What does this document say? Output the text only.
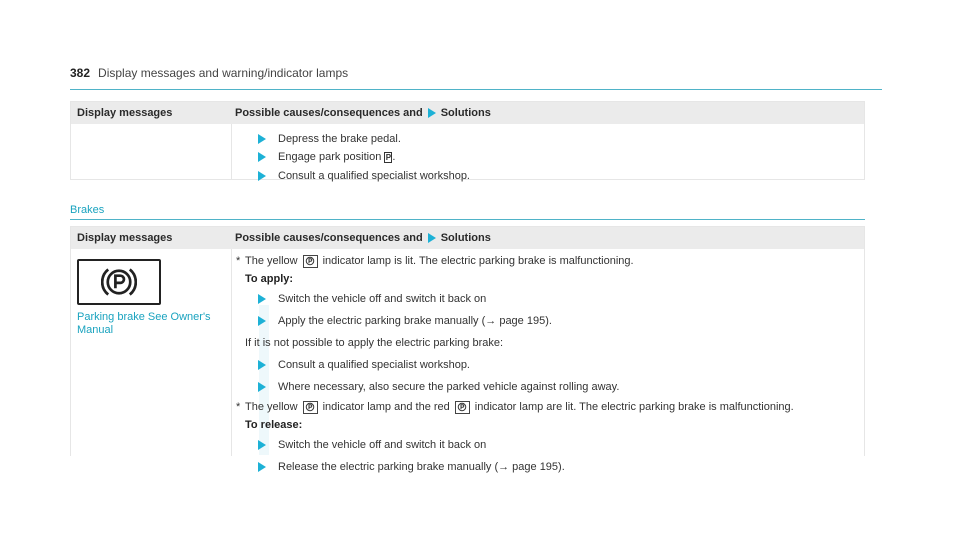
382 Display messages and warning/indicator lamps
Display messages	Possible causes/consequences and Solutions
Depress the brake pedal.
Engage park position P.
Consult a qualified specialist workshop.
Brakes
Display messages	Possible causes/consequences and Solutions
Parking brake See Owner's
Manual
* The yellow indicator lamp is lit. The electric parking brake is malfunctioning.
To apply:
Switch the vehicle off and switch it back on
Apply the electric parking brake manually (→ page 195).
If it is not possible to apply the electric parking brake:
Consult a qualified specialist workshop.
Where necessary, also secure the parked vehicle against rolling away.
* The yellow indicator lamp and the red indicator lamp are lit. The electric parking brake is malfunctioning.
To release:
Switch the vehicle off and switch it back on
Release the electric parking brake manually (→ page 195).
